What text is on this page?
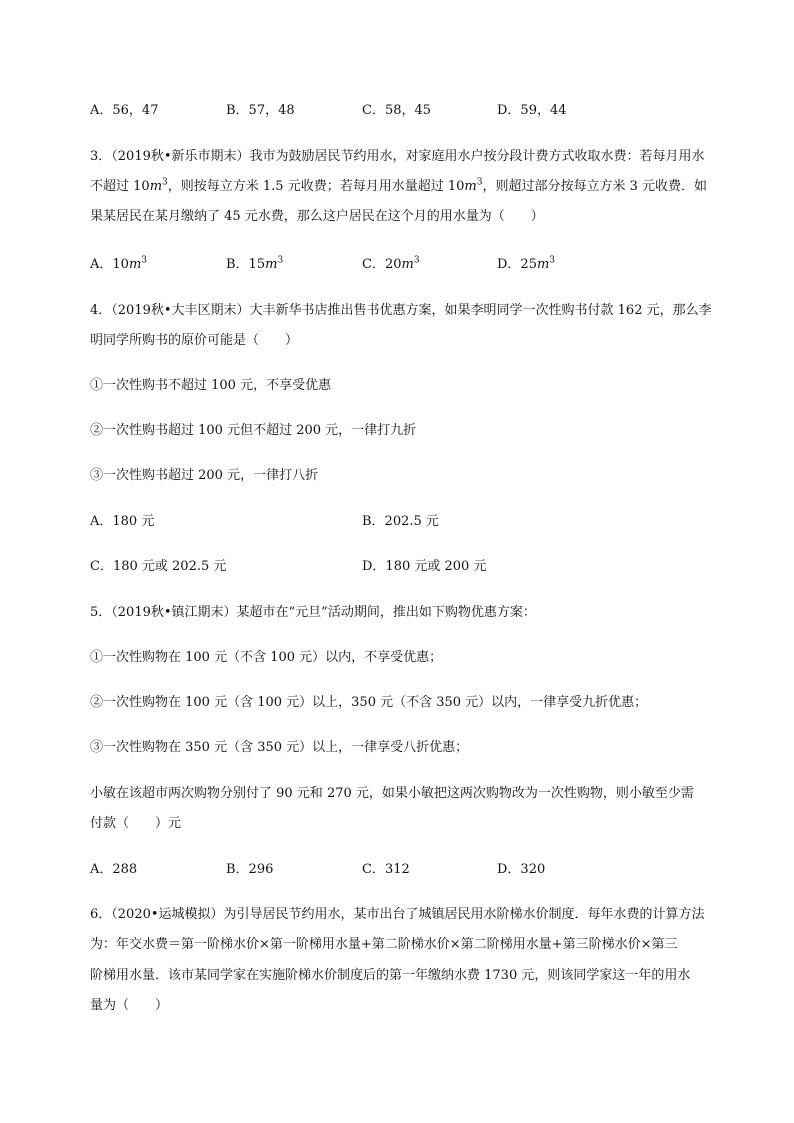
A．56，47	B．57，48	C．58，45	D．59，44
3．（2019秋•新乐市期末）我市为鼓励居民节约用水，对家庭用水户按分段计费方式收取水费：若每月用水
不超过 $10m^3$，则按每立方米 1.5 元收费；若每月用水量超过 $10m^3$，则超过部分按每立方米 3 元收费．如
果某居民在某月缴纳了 45 元水费，那么这户居民在这个月的用水量为（　　）
A．$10m^3$	B．$15m^3$	C．$20m^3$	D．$25m^3$
4．（2019秋•大丰区期末）大丰新华书店推出售书优惠方案，如果李明同学一次性购书付款 162 元，那么李
明同学所购书的原价可能是（　　）
①一次性购书不超过 100 元，不享受优惠
②一次性购书超过 100 元但不超过 200 元，一律打九折
③一次性购书超过 200 元，一律打八折
A．180 元	B．202.5 元
C．180 元或 202.5 元	D．180 元或 200 元
5．（2019秋•镇江期末）某超市在“元旦”活动期间，推出如下购物优惠方案：
①一次性购物在 100 元（不含 100 元）以内，不享受优惠；
②一次性购物在 100 元（含 100 元）以上，350 元（不含 350 元）以内，一律享受九折优惠；
③一次性购物在 350 元（含 350 元）以上，一律享受八折优惠；
小敏在该超市两次购物分别付了 90 元和 270 元，如果小敏把这两次购物改为一次性购物，则小敏至少需
付款（　　）元
A．288	B．296	C．312	D．320
6．（2020•运城模拟）为引导居民节约用水，某市出台了城镇居民用水阶梯水价制度．每年水费的计算方法
为：年交水费＝第一阶梯水价×第一阶梯用水量+第二阶梯水价×第二阶梯用水量+第三阶梯水价×第三
阶梯用水量．该市某同学家在实施阶梯水价制度后的第一年缴纳水费 1730 元，则该同学家这一年的用水
量为（　　）
